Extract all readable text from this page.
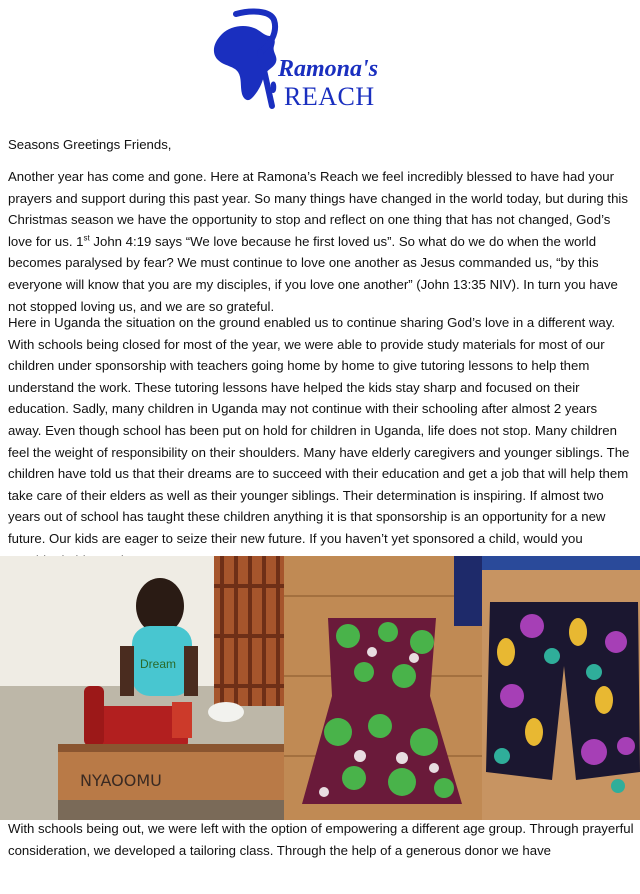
Ramona's
REACH
Seasons Greetings Friends,
Another year has come and gone. Here at Ramona’s Reach we feel incredibly blessed to have had your prayers and support during this past year. So many things have changed in the world today, but during this Christmas season we have the opportunity to stop and reflect on one thing that has not changed, God’s love for us. 1st John 4:19 says “We love because he first loved us”. So what do we do when the world becomes paralysed by fear? We must continue to love one another as Jesus commanded us, “by this everyone will know that you are my disciples, if you love one another” (John 13:35 NIV). In turn you have not stopped loving us, and we are so grateful.
Here in Uganda the situation on the ground enabled us to continue sharing God’s love in a different way. With schools being closed for most of the year, we were able to provide study materials for most of our children under sponsorship with teachers going home by home to give tutoring lessons to help them understand the work. These tutoring lessons have helped the kids stay sharp and focused on their education. Sadly, many children in Uganda may not continue with their schooling after almost 2 years away. Even though school has been put on hold for children in Uganda, life does not stop. Many children feel the weight of responsibility on their shoulders. Many have elderly caregivers and younger siblings. The children have told us that their dreams are to succeed with their education and get a job that will help them take care of their elders as well as their younger siblings. Their determination is inspiring. If almost two years out of school has taught these children anything it is that sponsorship is an opportunity for a new future. Our kids are eager to seize their new future. If you haven’t yet sponsored a child, would you
Dream
NYAOOMU
With schools being out, we were left with the option of empowering a different age group. Through prayerful consideration, we developed a tailoring class. Through the help of a generous donor we have
